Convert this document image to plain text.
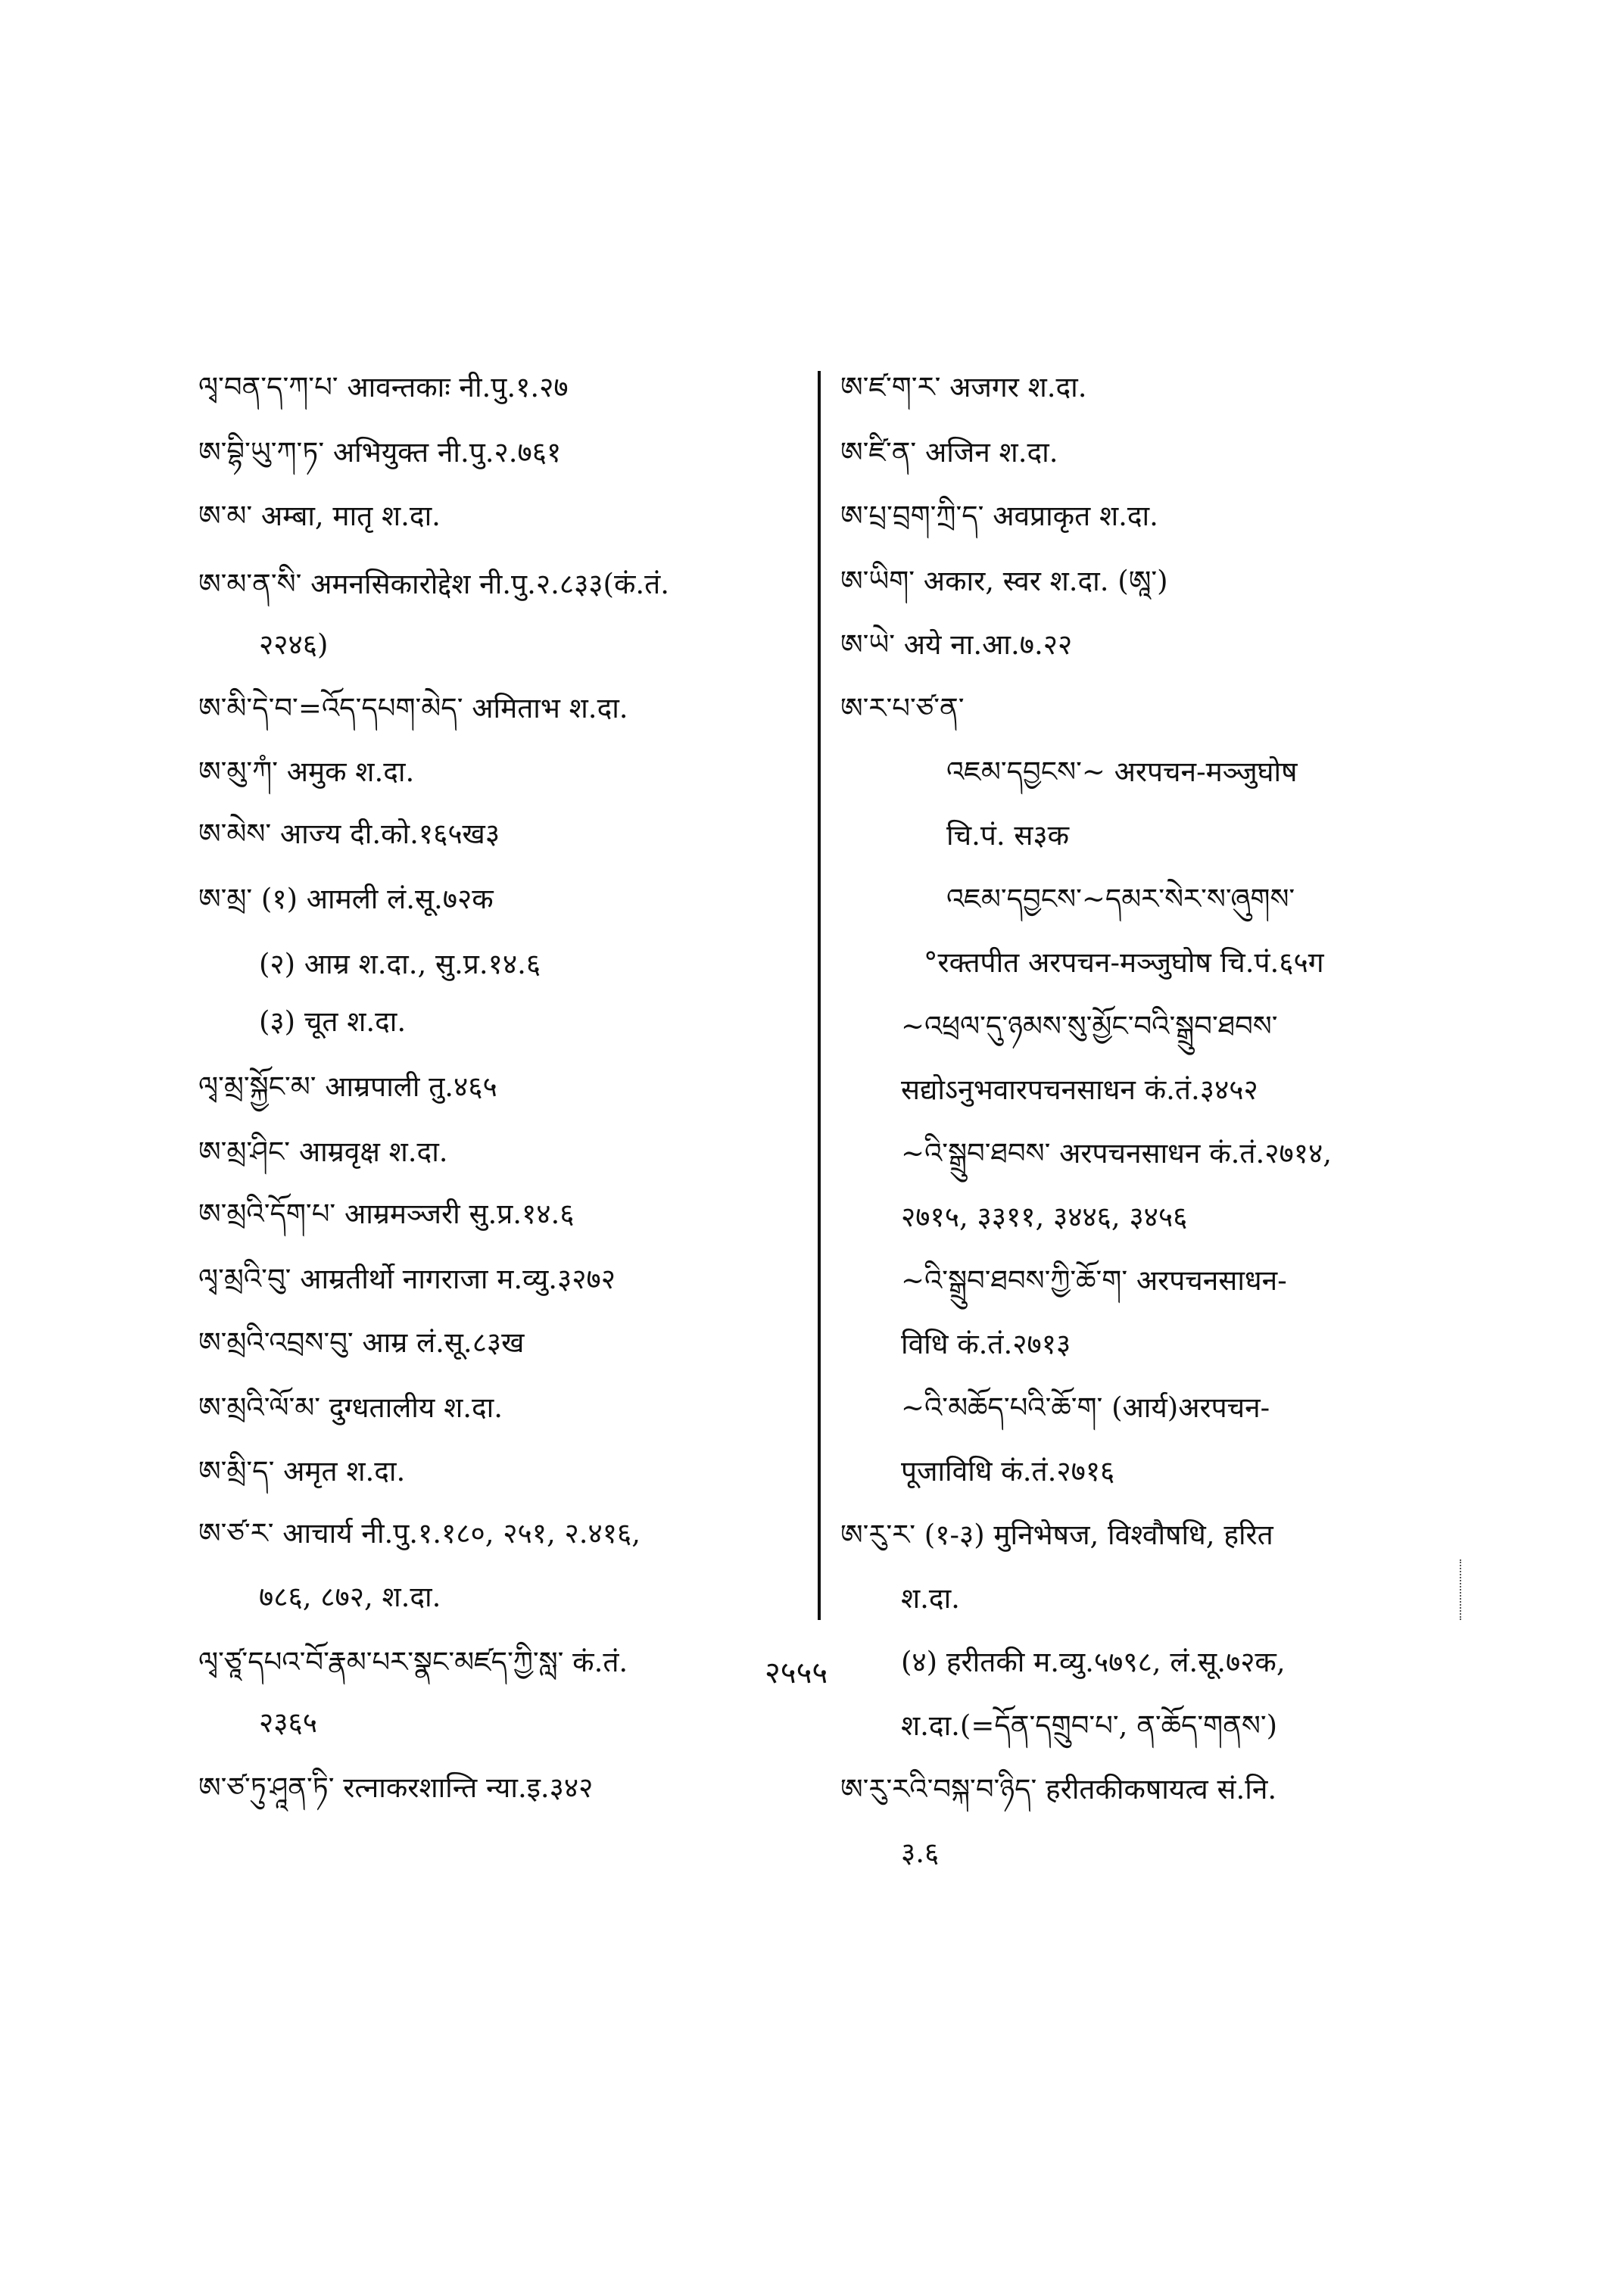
ལྭ་བན་ད་ཀ་པ་ आवन्तकाः नी.पु.१.२७
ཨ་བྷི་ཡུ་ཀ་ཏ་ अभियुक्त नी.पु.२.७६१
ཨ་མ་ अम्बा, मातृ श.दा.
ཨ་མ་ན་སི་ अमनसिकारोद्देश नी.पु.२.८३३(कं.तं.
२२४६)
ཨ་མི་དེ་བ་=འོད་དཔག་མེད་ अमिताभ श.दा.
ཨ་མུ་ཀཾ་ अमुक श.दा.
ཨ་མེས་ आज्य दी.को.१६५ख३
ཨ་མྲ་ (१) आमली लं.सू.७२क
(२) आम्र श.दा., सु.प्र.१४.६
(३) चूत श.दा.
ལྭ་མྲ་སྐྱོང་མ་ आम्रपाली तु.४६५
ཨ་མྲ་ཤིང་ आम्रवृक्ष श.दा.
ཨ་མྲའི་དོག་པ་ आम्रमञ्जरी सु.प्र.१४.६
ལྭ་མྲའི་བུ་ आम्रतीर्थो नागराजा म.व्यु.३२७२
ཨ་མྲའི་འབྲས་བུ་ आम्र लं.सू.८३ख
ཨ་མྲའི་ལོ་མ་ दुग्धतालीय श.दा.
ཨ་མྲི་ད་ अमृत श.दा.
ཨ་ཙ་ར་ आचार्य नी.पु.१.१८०, २५१, २.४१६,
७८६, ८७२, श.दा.
ལྭ་ཙཱ་དཔའ་བོ་རྣམ་པར་སྣང་མཛད་ཀྱི་སླ་ कं.तं.
२३६५
ཨ་ཙ་ཏུ་ཤཱན་ཏི་ रत्नाकरशान्ति न्या.इ.३४२
ཨ་ཛ་ག་ར་ अजगर श.दा.
ཨ་ཛི་ན་ अजिन श.दा.
ཨ་པྲ་བྲག་ཀྲི་ད་ अवप्राकृत श.दा.
ཨ་ཡིག་ अकार, स्वर श.दा. (ཨཱ་)
ཨ་ཡེ་ अये ना.आ.७.२२
ཨ་ར་པ་ཙ་ན་
འཇམ་དབྱངས་~ अरपचन-मञ्जुघोष
चि.पं. स३क
འཇམ་དབྱངས་~དམར་སེར་ས་ཞུགས་
°रक्तपीत अरपचन-मञ्जुघोष चि.पं.६५ग
~འཕྲལ་དུ་ཉམས་སུ་མྱོང་བའི་སྒྲུབ་ཐབས་
सद्योऽनुभवारपचनसाधन कं.तं.३४५२
~འི་སྒྲུབ་ཐབས་ अरपचनसाधन कं.तं.२७१४,
२७१५, ३३११, ३४४६, ३४५६
~འི་སྒྲུབ་ཐབས་ཀྱི་ཆོ་ག་ अरपचनसाधन-
विधि कं.तं.२७१३
~འི་མཆོད་པའི་ཆོ་ག་ (आर्य)अरपचन-
पूजाविधि कं.तं.२७१६
ཨ་རུ་ར་ (१-३) मुनिभेषज, विश्वौषधि, हरित
श.दा.
(४) हरीतकी म.व्यु.५७९८, लं.सू.७२क,
श.दा.(=དོན་དགྲུབ་པ་, ན་ཆོད་གནས་)
ཨ་རུ་རའི་བསྐ་བ་ཉིད་ हरीतकीकषायत्व सं.नि.
३.६
२५५५
